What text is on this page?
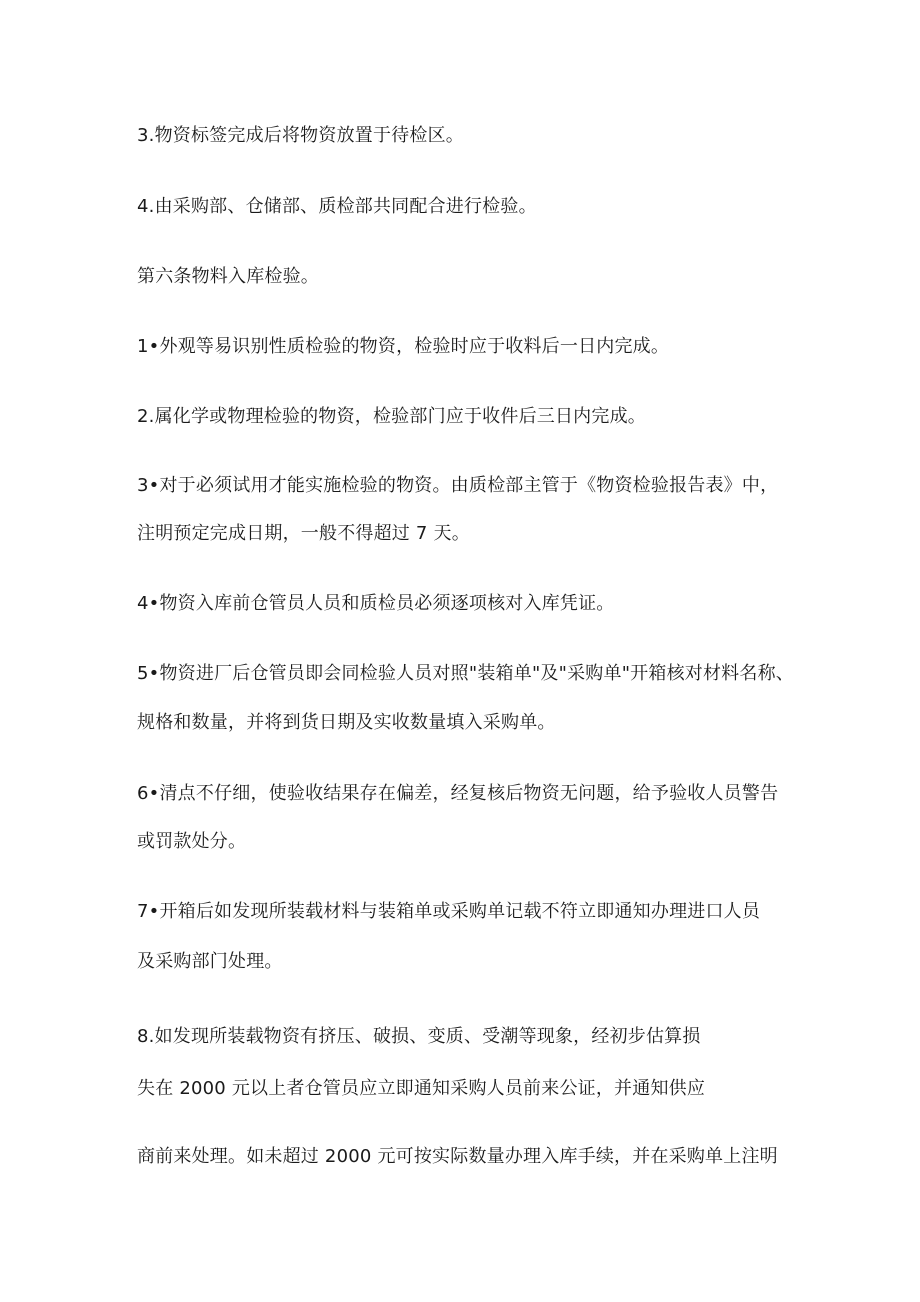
3.物资标签完成后将物资放置于待检区。
4.由采购部、仓储部、质检部共同配合进行检验。
第六条物料入库检验。
1•外观等易识别性质检验的物资，检验时应于收料后一日内完成。
2.属化学或物理检验的物资，检验部门应于收件后三日内完成。
3•对于必须试用才能实施检验的物资。由质检部主管于《物资检验报告表》中，
注明预定完成日期，一般不得超过 7 天。
4•物资入库前仓管员人员和质检员必须逐项核对入库凭证。
5•物资进厂后仓管员即会同检验人员对照"装箱单"及"采购单"开箱核对材料名称、
规格和数量，并将到货日期及实收数量填入采购单。
6•清点不仔细，使验收结果存在偏差，经复核后物资无问题，给予验收人员警告
或罚款处分。
7•开箱后如发现所装载材料与装箱单或采购单记载不符立即通知办理进口人员
及采购部门处理。
8.如发现所装载物资有挤压、破损、变质、受潮等现象，经初步估算损
失在 2000 元以上者仓管员应立即通知采购人员前来公证，并通知供应
商前来处理。如未超过 2000 元可按实际数量办理入库手续，并在采购单上注明
